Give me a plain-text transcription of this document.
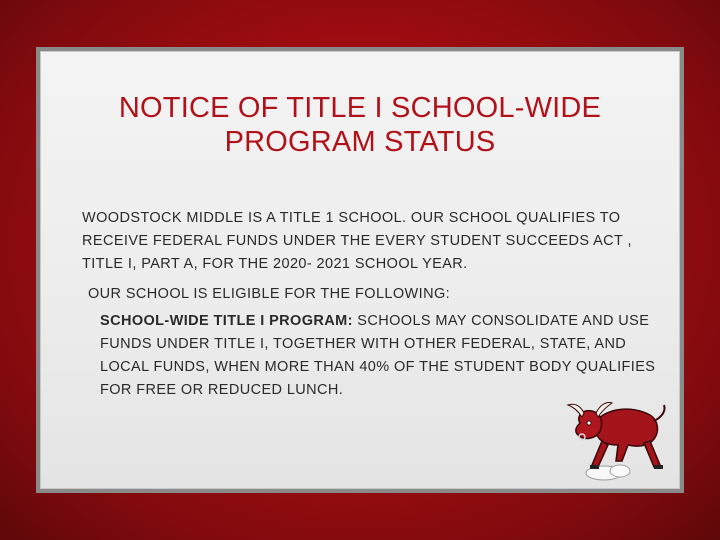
NOTICE OF TITLE I SCHOOL-WIDE
PROGRAM STATUS
WOODSTOCK MIDDLE IS A TITLE 1 SCHOOL. OUR SCHOOL QUALIFIES TO RECEIVE FEDERAL FUNDS UNDER THE EVERY STUDENT SUCCEEDS ACT , TITLE I, PART A, FOR THE 2020- 2021 SCHOOL YEAR.
OUR SCHOOL IS ELIGIBLE FOR THE FOLLOWING:
SCHOOL-WIDE TITLE I PROGRAM: SCHOOLS MAY CONSOLIDATE AND USE FUNDS UNDER TITLE I, TOGETHER WITH OTHER FEDERAL, STATE, AND LOCAL FUNDS, WHEN MORE THAN 40% OF THE STUDENT BODY QUALIFIES FOR FREE OR REDUCED LUNCH.
